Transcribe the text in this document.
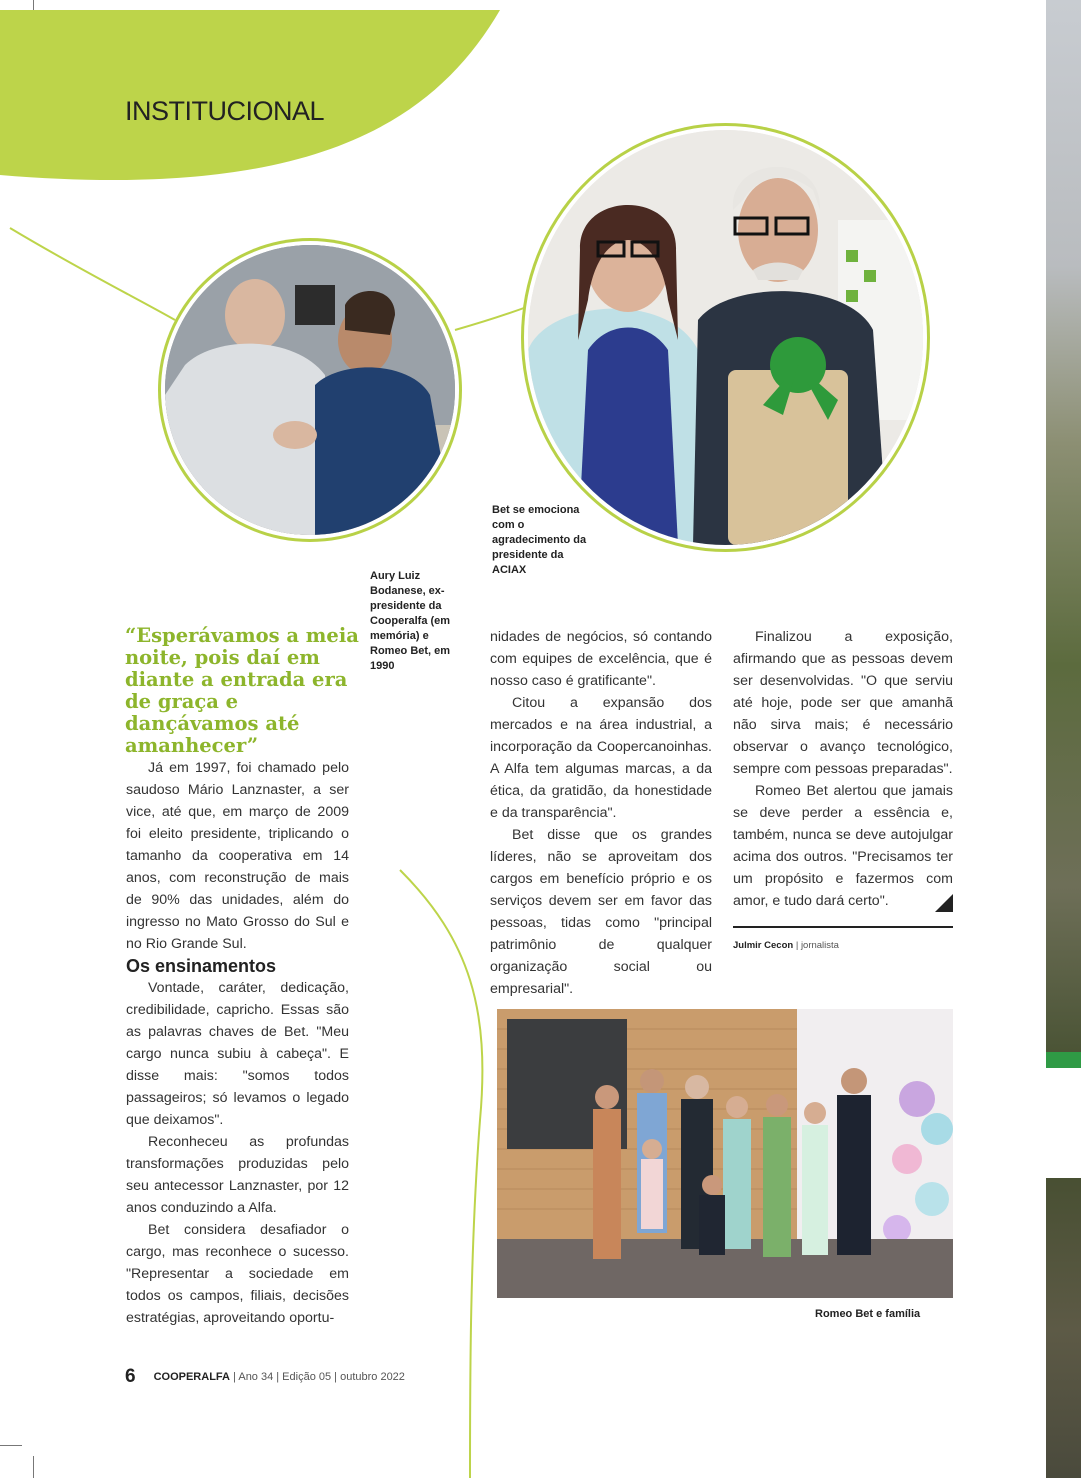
INSTITUCIONAL
Bet se emociona com o agradecimento da presidente da ACIAX
Aury Luiz Bodanese, ex-presidente da Cooperalfa (em memória) e Romeo Bet, em 1990
“Esperávamos a meia noite, pois daí em diante a entrada era de graça e dançávamos até amanhecer”

Já em 1997, foi chamado pelo saudoso Mário Lanznaster, a ser vice, até que, em março de 2009 foi eleito presidente, triplicando o tamanho da cooperativa em 14 anos, com reconstrução de mais de 90% das unidades, além do ingresso no Mato Grosso do Sul e no Rio Grande Sul.

Os ensinamentos

Vontade, caráter, dedicação, credibilidade, capricho. Essas são as palavras chaves de Bet. "Meu cargo nunca subiu à cabeça". E disse mais: "somos todos passageiros; só levamos o legado que deixamos".

Reconheceu as profundas transformações produzidas pelo seu antecessor Lanznaster, por 12 anos conduzindo a Alfa.

Bet considera desafiador o cargo, mas reconhece o sucesso. "Representar a sociedade em todos os campos, filiais, decisões estratégias, aproveitando oportu-

nidades de negócios, só contando com equipes de excelência, que é nosso caso é gratificante".

Citou a expansão dos mercados e na área industrial, a incorporação da Coopercanoinhas. A Alfa tem algumas marcas, a da ética, da gratidão, da honestidade e da transparência".

Bet disse que os grandes líderes, não se aproveitam dos cargos em benefício próprio e os serviços devem ser em favor das pessoas, tidas como "principal patrimônio de qualquer organização social ou empresarial".

Finalizou a exposição, afirmando que as pessoas devem ser desenvolvidas. "O que serviu até hoje, pode ser que amanhã não sirva mais; é necessário observar o avanço tecnológico, sempre com pessoas preparadas".

Romeo Bet alertou que jamais se deve perder a essência e, também, nunca se deve autojulgar acima dos outros. "Precisamos ter um propósito e fazermos com amor, e tudo dará certo".

Julmir Cecon | jornalista
Romeo Bet e família
6 COOPERALFA | Ano 34 | Edição 05 | outubro 2022
